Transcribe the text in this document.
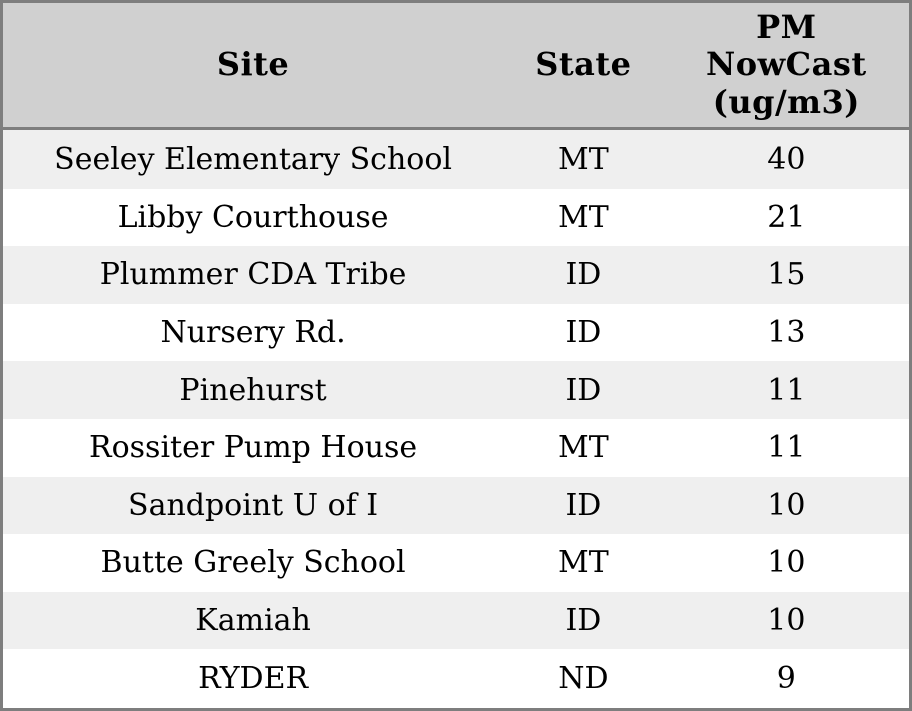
Site	State	PM NowCast (ug/m3)
Seeley Elementary School	MT	40
Libby Courthouse	MT	21
Plummer CDA Tribe	ID	15
Nursery Rd.	ID	13
Pinehurst	ID	11
Rossiter Pump House	MT	11
Sandpoint U of I	ID	10
Butte Greely School	MT	10
Kamiah	ID	10
RYDER	ND	9
